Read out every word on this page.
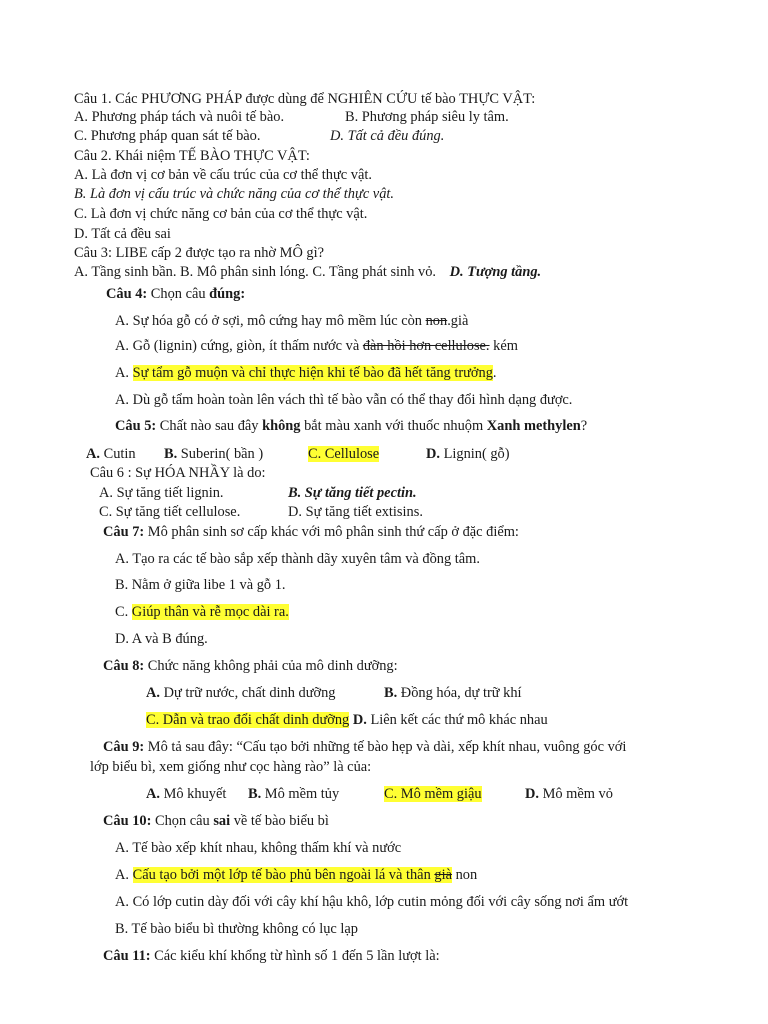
Câu 1. Các PHƯƠNG PHÁP được dùng để NGHIÊN CỨU tế bào THỰC VẬT:
A. Phương pháp tách và nuôi tế bào.	B. Phương pháp siêu ly tâm.
C. Phương pháp quan sát tế bào.	D. Tất cả đều đúng.
Câu 2. Khái niệm TẾ BÀO THỰC VẬT:
A. Là đơn vị cơ bản về cấu trúc của cơ thể thực vật.
B. Là đơn vị cấu trúc và chức năng của cơ thể thực vật.
C. Là đơn vị chức năng cơ bản của cơ thể thực vật.
D. Tất cả đều sai
Câu 3: LIBE cấp 2 được tạo ra nhờ MÔ gì?
A. Tầng sinh bần. B. Mô phân sinh lóng. C. Tầng phát sinh vỏ. D. Tượng tầng.
Câu 4: Chọn câu đúng:
A. Sự hóa gỗ có ở sợi, mô cứng hay mô mềm lúc còn non.già
A. Gỗ (lignin) cứng, giòn, ít thấm nước và đàn hồi hơn cellulose. kém
A. Sự tẩm gỗ muộn và chỉ thực hiện khi tế bào đã hết tăng trưởng.
A. Dù gỗ tẩm hoàn toàn lên vách thì tế bào vẫn có thể thay đổi hình dạng được.
Câu 5: Chất nào sau đây không bắt màu xanh với thuốc nhuộm Xanh methylen?
A. Cutin B. Suberin( bần )	C. Cellulose	D. Lignin( gỗ)
Câu 6 : Sự HÓA NHẦY là do:
A. Sự tăng tiết lignin.	B. Sự tăng tiết pectin.
C. Sự tăng tiết cellulose.	D. Sự tăng tiết extisins.
Câu 7: Mô phân sinh sơ cấp khác với mô phân sinh thứ cấp ở đặc điểm:
A. Tạo ra các tế bào sắp xếp thành dãy xuyên tâm và đồng tâm.
B. Nằm ở giữa libe 1 và gỗ 1.
C. Giúp thân và rễ mọc dài ra.
D. A và B đúng.
Câu 8: Chức năng không phải của mô dinh dưỡng:
A. Dự trữ nước, chất dinh dưỡng	B. Đồng hóa, dự trữ khí
C. Dẫn và trao đổi chất dinh dưỡng D. Liên kết các thứ mô khác nhau
Câu 9: Mô tả sau đây: “Cấu tạo bởi những tế bào hẹp và dài, xếp khít nhau, vuông góc với
lớp biểu bì, xem giống như cọc hàng rào” là của:
A. Mô khuyết B. Mô mềm tủy	C. Mô mềm giậu	D. Mô mềm vỏ
Câu 10: Chọn câu sai về tế bào biểu bì
A. Tế bào xếp khít nhau, không thấm khí và nước
A. Cấu tạo bởi một lớp tế bào phủ bên ngoài lá và thân già non
A. Có lớp cutin dày đối với cây khí hậu khô, lớp cutin mỏng đối với cây sống nơi ẩm ướt
B. Tế bào biểu bì thường không có lục lạp
Câu 11: Các kiểu khí khổng từ hình số 1 đến 5 lần lượt là:
